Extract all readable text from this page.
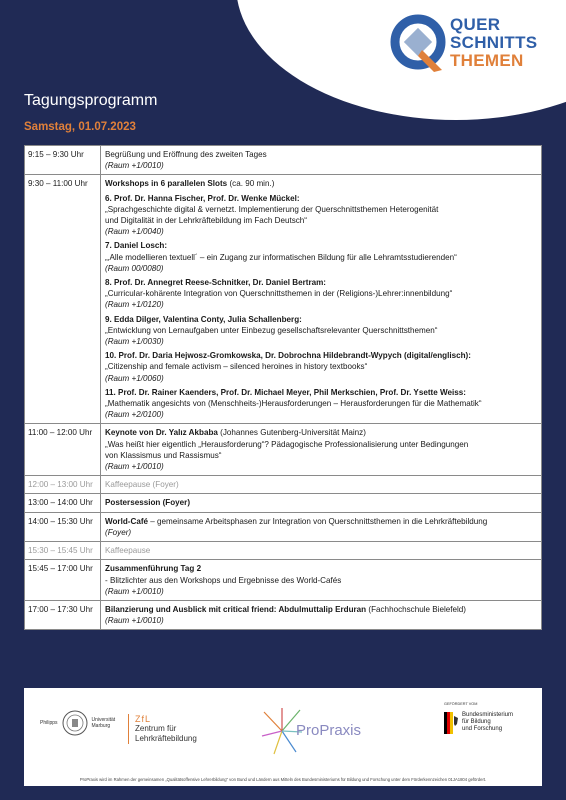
QUER
SCHNITTS
THEMEN
Tagungsprogramm
Samstag, 01.07.2023
9:15 – 9:30 Uhr	Begrüßung und Eröffnung des zweiten Tages
(Raum +1/0010)
9:30 – 11:00 Uhr	Workshops in 6 parallelen Slots (ca. 90 min.)
6. Prof. Dr. Hanna Fischer, Prof. Dr. Wenke Mückel:
„Sprachgeschichte digital & vernetzt. Implementierung der Querschnittsthemen Heterogenität
und Digitalität in der Lehrkräftebildung im Fach Deutsch“
(Raum +1/0040)
7. Daniel Losch:
„‚Alle modellieren textuell´ – ein Zugang zur informatischen Bildung für alle Lehramtsstudierenden“
(Raum 00/0080)
8. Prof. Dr. Annegret Reese-Schnitker, Dr. Daniel Bertram:
„Curricular-kohärente Integration von Querschnittsthemen in der (Religions-)Lehrer:innenbildung“
(Raum +1/0120)
9. Edda Dilger, Valentina Conty, Julia Schallenberg:
„Entwicklung von Lernaufgaben unter Einbezug gesellschaftsrelevanter Querschnittsthemen“
(Raum +1/0030)
10. Prof. Dr. Daria Hejwosz-Gromkowska, Dr. Dobrochna Hildebrandt-Wypych (digital/englisch):
„Citizenship and female activism – silenced heroines in history textbooks“
(Raum +1/0060)
11. Prof. Dr. Rainer Kaenders, Prof. Dr. Michael Meyer, Phil Merkschien, Prof. Dr. Ysette Weiss:
„Mathematik angesichts von (Menschheits-)Herausforderungen – Herausforderungen für die Mathematik“
(Raum +2/0100)
11:00 – 12:00 Uhr	Keynote von Dr. Yalız Akbaba (Johannes Gutenberg-Universität Mainz)
„Was heißt hier eigentlich „Herausforderung“? Pädagogische Professionalisierung unter Bedingungen
von Klassismus und Rassismus“
(Raum +1/0010)
12:00 – 13:00 Uhr	Kaffeepause (Foyer)
13:00 – 14:00 Uhr	Postersession (Foyer)
14:00 – 15:30 Uhr	World-Café – gemeinsame Arbeitsphasen zur Integration von Querschnittsthemen in die Lehrkräftebildung
(Foyer)
15:30 – 15:45 Uhr	Kaffeepause
15:45 – 17:00 Uhr	Zusammenführung Tag 2
- Blitzlichter aus den Workshops und Ergebnisse des World-Cafés
(Raum +1/0010)
17:00 – 17:30 Uhr	Bilanzierung und Ausblick mit critical friend: Abdulmuttalip Erduran (Fachhochschule Bielefeld)
(Raum +1/0010)
Philipps	Universität
Marburg
ZfL
Zentrum für
Lehrkräftebildung	ProPraxis
GEFÖRDERT VOM
Bundesministerium
für Bildung
und Forschung
ProPraxis wird im Rahmen der gemeinsamen „Qualitätsoffensive Lehrerbildung“ von Bund und Ländern aus Mitteln des Bundesministeriums für Bildung und Forschung unter dem Förderkennzeichen 01JA1804 gefördert.
